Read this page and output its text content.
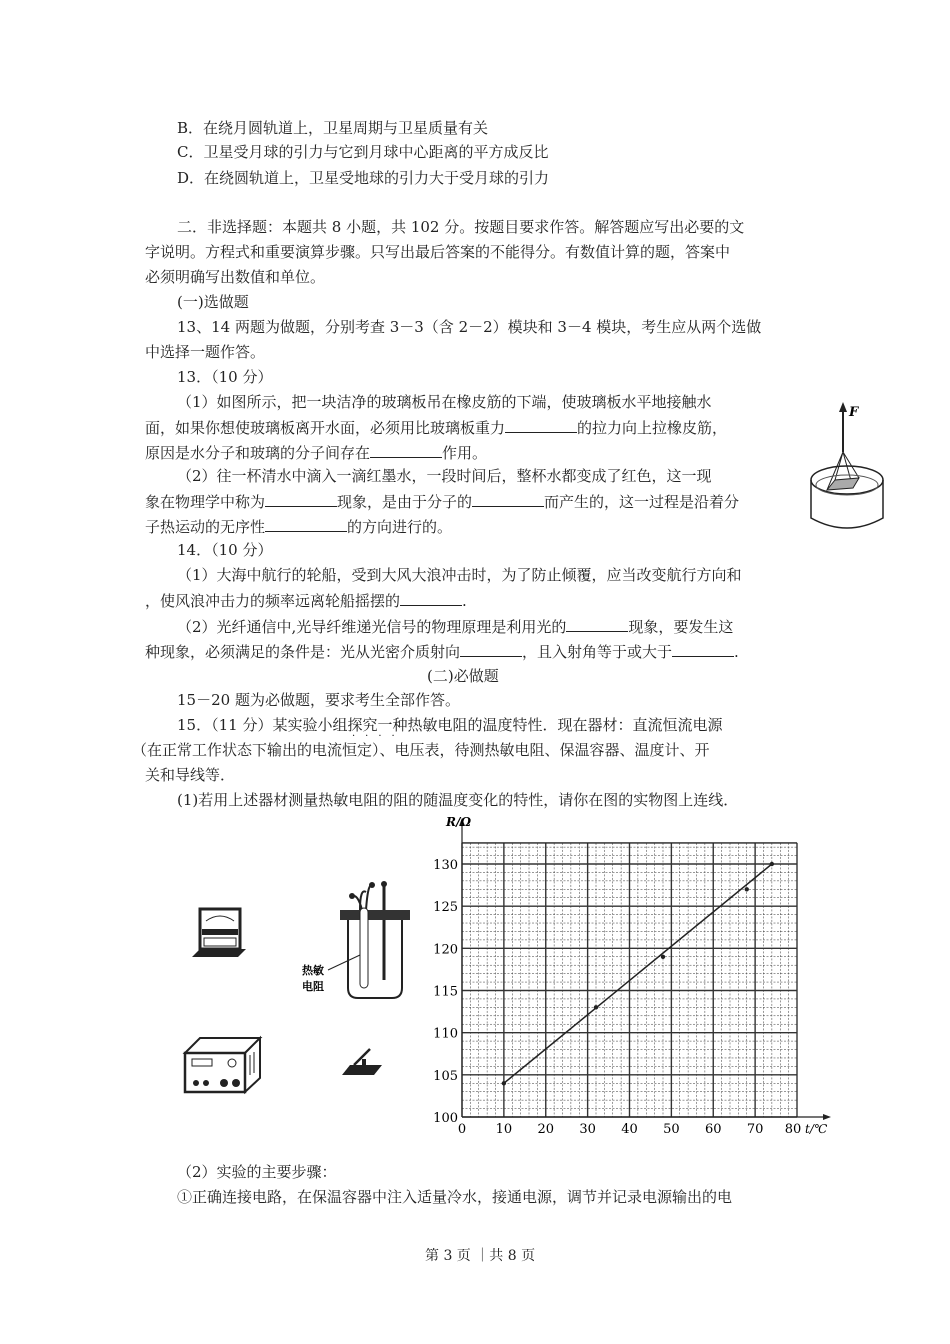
B．在绕月圆轨道上，卫星周期与卫星质量有关
C．卫星受月球的引力与它到月球中心距离的平方成反比
D．在绕圆轨道上，卫星受地球的引力大于受月球的引力
二．非选择题：本题共 8 小题，共 102 分。按题目要求作答。解答题应写出必要的文
字说明。方程式和重要演算步骤。只写出最后答案的不能得分。有数值计算的题，答案中
必须明确写出数值和单位。
(一)选做题
13、14 两题为做题，分别考查 3－3（含 2－2）模块和 3－4 模块，考生应从两个选做
中选择一题作答。
13．（10 分）
（1）如图所示，把一块洁净的玻璃板吊在橡皮筋的下端，使玻璃板水平地接触水
面，如果你想使玻璃板离开水面，必须用比玻璃板重力	的拉力向上拉橡皮筋，
原因是水分子和玻璃的分子间存在	作用。
（2）往一杯清水中滴入一滴红墨水，一段时间后，整杯水都变成了红色，这一现
象在物理学中称为	现象，是由于分子的	而产生的，这一过程是沿着分
子热运动的无序性	的方向进行的。
F
14．（10 分）
（1）大海中航行的轮船，受到大风大浪冲击时，为了防止倾覆，应当改变航行方向和
，使风浪冲击力的频率远离轮船摇摆的	.
（2）光纤通信中,光导纤维递光信号的物理原理是利用光的	现象，要发生这
种现象，必须满足的条件是：光从光密介质射向	，且入射角等于或大于	.
(二)必做题
15－20 题为必做题，要求考生全部作答。
15．（11 分）某实验小组探究一种热敏电阻的温度特性．现在器材：直流恒流电源
····
（在正常工作状态下输出的电流恒定）、电压表，待测热敏电阻、保温容器、温度计、开
关和导线等．
(1)若用上述器材测量热敏电阻的阻的随温度变化的特性，请你在图的实物图上连线．
热敏
电阻
100
105
110
115
120
125
130
0 10 20 30 40 50 60 70 80
R/Ω
t/℃
（2）实验的主要步骤：
①正确连接电路，在保温容器中注入适量冷水，接通电源，调节并记录电源输出的电
第 3 页 ｜共 8 页
